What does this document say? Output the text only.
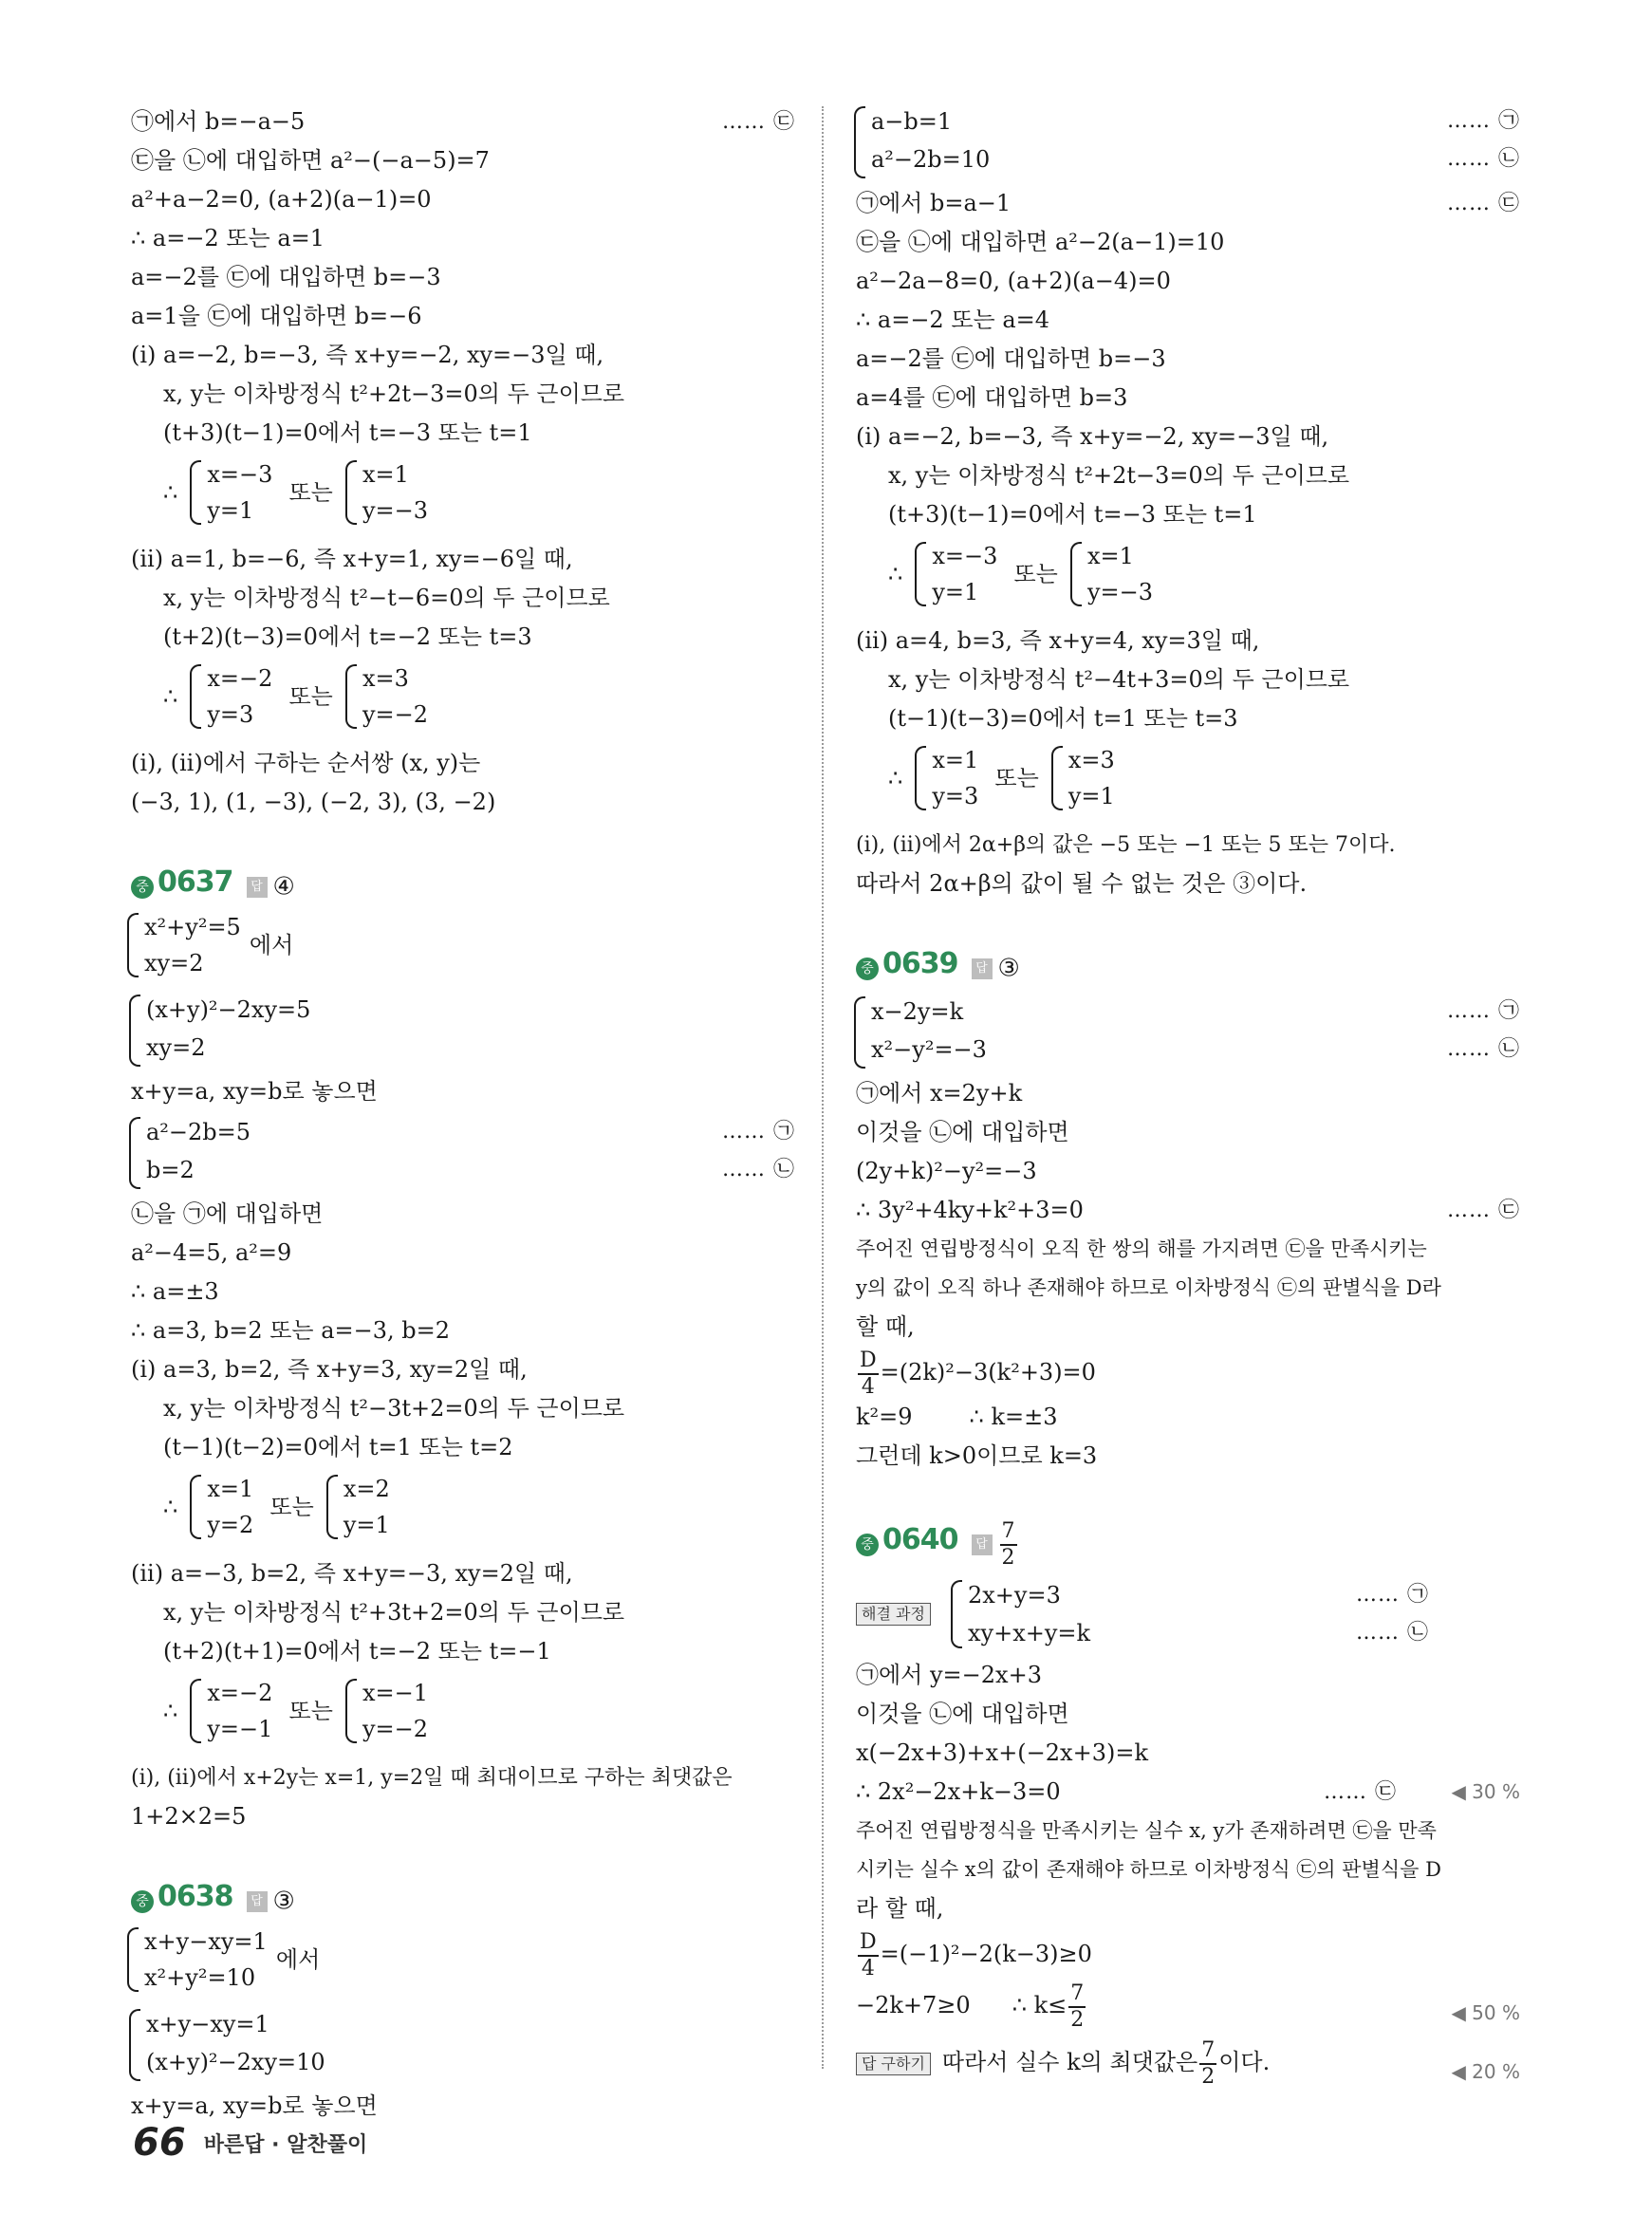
㉠에서 b=−a−5	…… ㉢
㉢을 ㉡에 대입하면 a²−(−a−5)=7
a²+a−2=0, (a+2)(a−1)=0
∴ a=−2 또는 a=1
a=−2를 ㉢에 대입하면 b=−3
a=1을 ㉢에 대입하면 b=−6
(ⅰ) a=−2, b=−3, 즉 x+y=−2, xy=−3일 때,
x, y는 이차방정식 t²+2t−3=0의 두 근이므로
(t+3)(t−1)=0에서 t=−3 또는 t=1
∴
x=−3
y=1
또는
x=1
y=−3
(ⅱ) a=1, b=−6, 즉 x+y=1, xy=−6일 때,
x, y는 이차방정식 t²−t−6=0의 두 근이므로
(t+2)(t−3)=0에서 t=−2 또는 t=3
∴
x=−2
y=3
또는
x=3
y=−2
(ⅰ), (ⅱ)에서 구하는 순서쌍 (x, y)는
(−3, 1), (1, −3), (−2, 3), (3, −2)
중 0637 답 ④
x²+y²=5
xy=2
에서
(x+y)²−2xy=5
xy=2
x+y=a, xy=b로 놓으면
a²−2b=5	…… ㉠
b=2	…… ㉡
㉡을 ㉠에 대입하면
a²−4=5, a²=9
∴ a=±3
∴ a=3, b=2 또는 a=−3, b=2
(ⅰ) a=3, b=2, 즉 x+y=3, xy=2일 때,
x, y는 이차방정식 t²−3t+2=0의 두 근이므로
(t−1)(t−2)=0에서 t=1 또는 t=2
∴
x=1
y=2
또는
x=2
y=1
(ⅱ) a=−3, b=2, 즉 x+y=−3, xy=2일 때,
x, y는 이차방정식 t²+3t+2=0의 두 근이므로
(t+2)(t+1)=0에서 t=−2 또는 t=−1
∴
x=−2
y=−1
또는
x=−1
y=−2
(ⅰ), (ⅱ)에서 x+2y는 x=1, y=2일 때 최대이므로 구하는 최댓값은
1+2×2=5
중 0638 답 ③
x+y−xy=1
x²+y²=10
에서
x+y−xy=1
(x+y)²−2xy=10
x+y=a, xy=b로 놓으면
a−b=1	…… ㉠
a²−2b=10	…… ㉡
㉠에서 b=a−1	…… ㉢
㉢을 ㉡에 대입하면 a²−2(a−1)=10
a²−2a−8=0, (a+2)(a−4)=0
∴ a=−2 또는 a=4
a=−2를 ㉢에 대입하면 b=−3
a=4를 ㉢에 대입하면 b=3
(ⅰ) a=−2, b=−3, 즉 x+y=−2, xy=−3일 때,
x, y는 이차방정식 t²+2t−3=0의 두 근이므로
(t+3)(t−1)=0에서 t=−3 또는 t=1
∴
x=−3
y=1
또는
x=1
y=−3
(ⅱ) a=4, b=3, 즉 x+y=4, xy=3일 때,
x, y는 이차방정식 t²−4t+3=0의 두 근이므로
(t−1)(t−3)=0에서 t=1 또는 t=3
∴
x=1
y=3
또는
x=3
y=1
(ⅰ), (ⅱ)에서 2α+β의 값은 −5 또는 −1 또는 5 또는 7이다.
따라서 2α+β의 값이 될 수 없는 것은 ③이다.
중 0639 답 ③
x−2y=k	…… ㉠
x²−y²=−3	…… ㉡
㉠에서 x=2y+k
이것을 ㉡에 대입하면
(2y+k)²−y²=−3
∴ 3y²+4ky+k²+3=0	…… ㉢
주어진 연립방정식이 오직 한 쌍의 해를 가지려면 ㉢을 만족시키는
y의 값이 오직 하나 존재해야 하므로 이차방정식 ㉢의 판별식을 D라
할 때,
$\frac{D}{4} =(2k)^2-3(k^2+3)=0$
k²=9	∴ k=±3
그런데 k>0이므로 k=3
중 0640 답 $\frac{7}{2}$
해결 과정
2x+y=3	…… ㉠
xy+x+y=k	…… ㉡
㉠에서 y=−2x+3
이것을 ㉡에 대입하면
x(−2x+3)+x+(−2x+3)=k
∴ 2x²−2x+k−3=0	…… ㉢	◀ 30 %
주어진 연립방정식을 만족시키는 실수 x, y가 존재하려면 ㉢을 만족
시키는 실수 x의 값이 존재해야 하므로 이차방정식 ㉢의 판별식을 D
라 할 때,
$\frac{D}{4} =(-1)^2-2(k-3)\ge 0$
−2k+7≥0 ∴ $k\le \frac{7}{2}$	◀ 50 %
답 구하기 따라서 실수 k의 최댓값은 $\frac{7}{2}$ 이다.	◀ 20 %
66 바른답 · 알찬풀이
